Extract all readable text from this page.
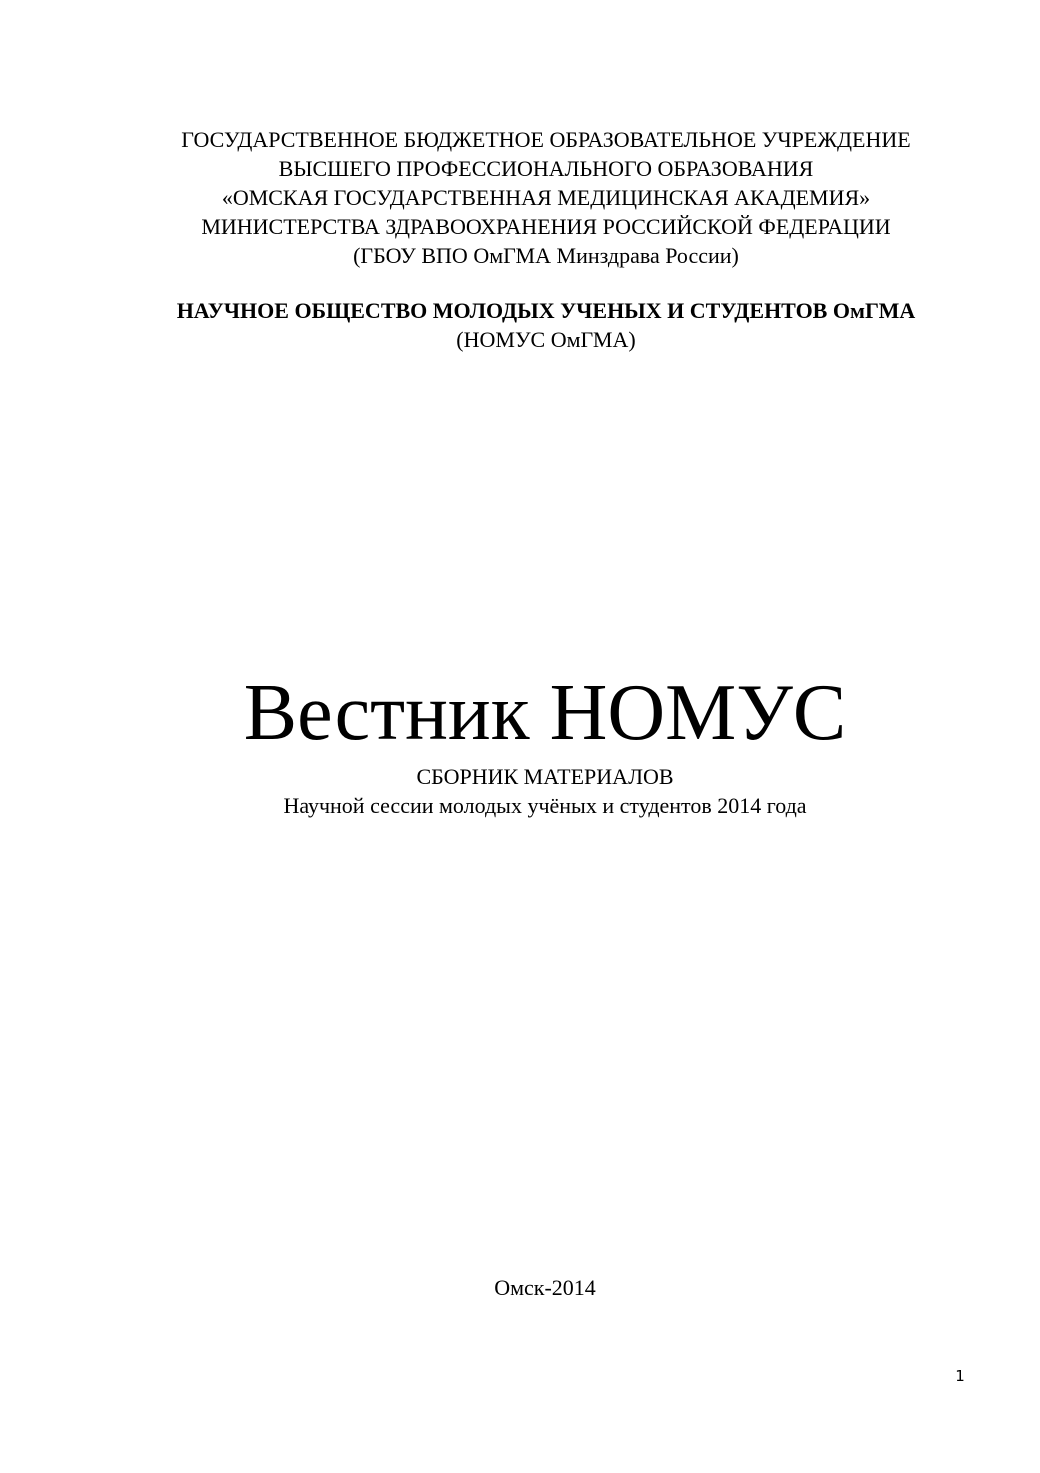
ГОСУДАРСТВЕННОЕ БЮДЖЕТНОЕ ОБРАЗОВАТЕЛЬНОЕ УЧРЕЖДЕНИЕ
ВЫСШЕГО ПРОФЕССИОНАЛЬНОГО ОБРАЗОВАНИЯ
«ОМСКАЯ ГОСУДАРСТВЕННАЯ МЕДИЦИНСКАЯ АКАДЕМИЯ»
МИНИСТЕРСТВА ЗДРАВООХРАНЕНИЯ РОССИЙСКОЙ ФЕДЕРАЦИИ
(ГБОУ ВПО ОмГМА Минздрава России)
НАУЧНОЕ ОБЩЕСТВО МОЛОДЫХ УЧЕНЫХ И СТУДЕНТОВ ОмГМА
(НОМУС ОмГМА)
Вестник НОМУС
СБОРНИК МАТЕРИАЛОВ
Научной сессии молодых учёных и студентов 2014 года
Омск-2014
1
